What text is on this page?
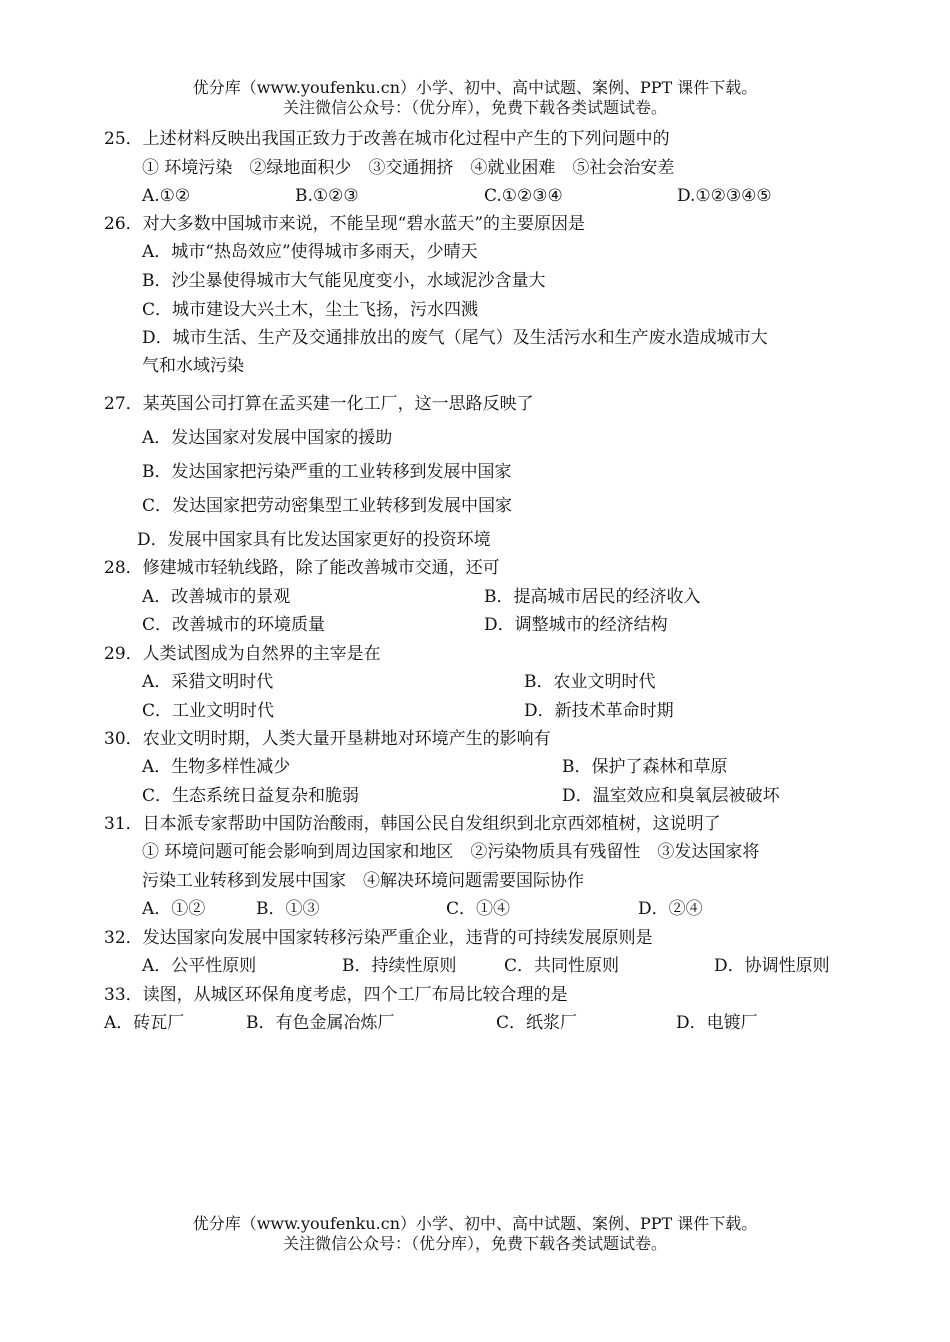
优分库（www.youfenku.cn）小学、初中、高中试题、案例、PPT 课件下载。
关注微信公众号：（优分库），免费下载各类试题试卷。
25．上述材料反映出我国正致力于改善在城市化过程中产生的下列问题中的
① 环境污染　②绿地面积少　③交通拥挤　④就业困难　⑤社会治安差
A.①②	B.①②③	C.①②③④	D.①②③④⑤
26．对大多数中国城市来说，不能呈现“碧水蓝天”的主要原因是
A．城市“热岛效应”使得城市多雨天，少晴天
B．沙尘暴使得城市大气能见度变小，水域泥沙含量大
C．城市建设大兴土木，尘土飞扬，污水四溅
D．城市生活、生产及交通排放出的废气（尾气）及生活污水和生产废水造成城市大
气和水域污染
27．某英国公司打算在孟买建一化工厂，这一思路反映了
A．发达国家对发展中国家的援助
B．发达国家把污染严重的工业转移到发展中国家
C．发达国家把劳动密集型工业转移到发展中国家
D．发展中国家具有比发达国家更好的投资环境
28．修建城市轻轨线路，除了能改善城市交通，还可
A．改善城市的景观	B．提高城市居民的经济收入
C．改善城市的环境质量	D．调整城市的经济结构
29．人类试图成为自然界的主宰是在
A．采猎文明时代	B．农业文明时代
C．工业文明时代	D．新技术革命时期
30．农业文明时期，人类大量开垦耕地对环境产生的影响有
A．生物多样性减少	B．保护了森林和草原
C．生态系统日益复杂和脆弱	D．温室效应和臭氧层被破坏
31．日本派专家帮助中国防治酸雨，韩国公民自发组织到北京西郊植树，这说明了
① 环境问题可能会影响到周边国家和地区　②污染物质具有残留性　③发达国家将
污染工业转移到发展中国家　④解决环境问题需要国际协作
A．①②	B．①③	C．①④	D．②④
32．发达国家向发展中国家转移污染严重企业，违背的可持续发展原则是
A．公平性原则	B．持续性原则	C．共同性原则	D．协调性原则
33．读图，从城区环保角度考虑，四个工厂布局比较合理的是
A．砖瓦厂	B．有色金属冶炼厂	C．纸浆厂	D．电镀厂
优分库（www.youfenku.cn）小学、初中、高中试题、案例、PPT 课件下载。
关注微信公众号：（优分库），免费下载各类试题试卷。
